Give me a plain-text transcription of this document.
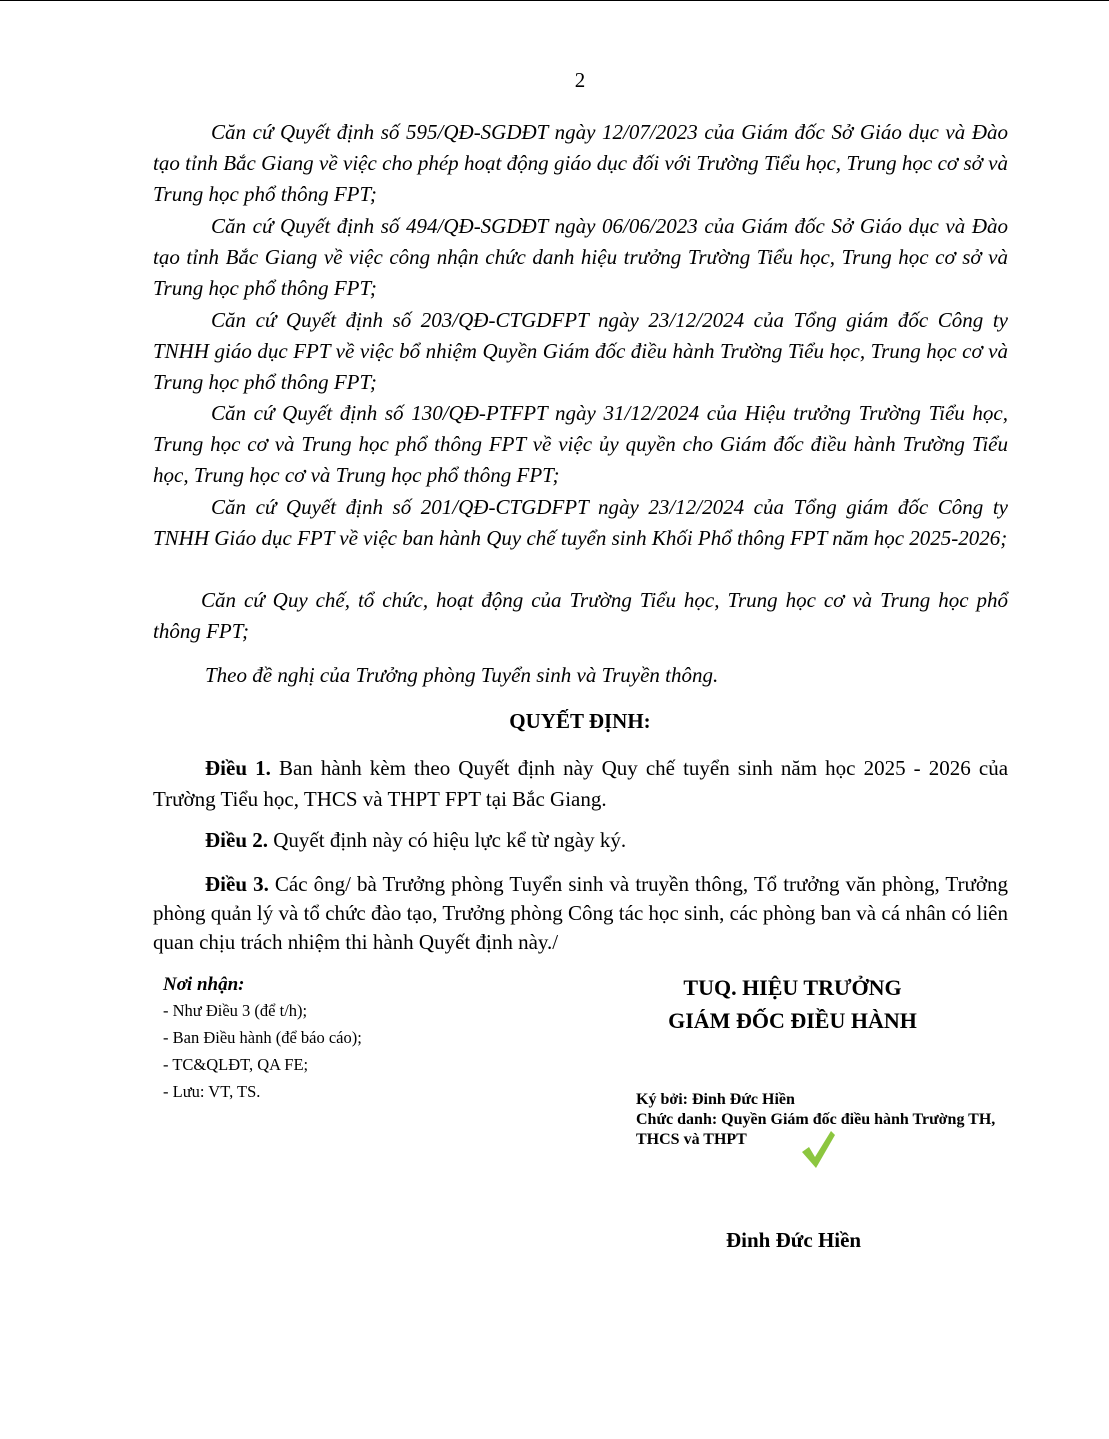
2
Căn cứ Quyết định số 595/QĐ-SGDĐT ngày 12/07/2023 của Giám đốc Sở Giáo dục và Đào tạo tỉnh Bắc Giang về việc cho phép hoạt động giáo dục đối với Trường Tiểu học, Trung học cơ sở và Trung học phổ thông FPT;
Căn cứ Quyết định số 494/QĐ-SGDĐT ngày 06/06/2023 của Giám đốc Sở Giáo dục và Đào tạo tỉnh Bắc Giang về việc công nhận chức danh hiệu trưởng Trường Tiểu học, Trung học cơ sở và Trung học phổ thông FPT;
Căn cứ Quyết định số 203/QĐ-CTGDFPT ngày 23/12/2024 của Tổng giám đốc Công ty TNHH giáo dục FPT về việc bổ nhiệm Quyền Giám đốc điều hành Trường Tiểu học, Trung học cơ và Trung học phổ thông FPT;
Căn cứ Quyết định số 130/QĐ-PTFPT ngày 31/12/2024 của Hiệu trưởng Trường Tiểu học, Trung học cơ và Trung học phổ thông FPT về việc ủy quyền cho Giám đốc điều hành Trường Tiểu học, Trung học cơ và Trung học phổ thông FPT;
Căn cứ Quyết định số 201/QĐ-CTGDFPT ngày 23/12/2024 của Tổng giám đốc Công ty TNHH Giáo dục FPT về việc ban hành Quy chế tuyển sinh Khối Phổ thông FPT năm học 2025-2026;
Căn cứ Quy chế, tổ chức, hoạt động của Trường Tiểu học, Trung học cơ và Trung học phổ thông FPT;
Theo đề nghị của Trưởng phòng Tuyển sinh và Truyền thông.
QUYẾT ĐỊNH:
Điều 1. Ban hành kèm theo Quyết định này Quy chế tuyển sinh năm học 2025 - 2026 của Trường Tiểu học, THCS và THPT FPT tại Bắc Giang.
Điều 2. Quyết định này có hiệu lực kể từ ngày ký.
Điều 3. Các ông/ bà Trưởng phòng Tuyển sinh và truyền thông, Tổ trưởng văn phòng, Trưởng phòng quản lý và tổ chức đào tạo, Trưởng phòng Công tác học sinh, các phòng ban và cá nhân có liên quan chịu trách nhiệm thi hành Quyết định này./
Nơi nhận:
- Như Điều 3 (để t/h);
- Ban Điều hành (để báo cáo);
- TC&QLĐT, QA FE;
- Lưu: VT, TS.
TUQ. HIỆU TRƯỞNG
GIÁM ĐỐC ĐIỀU HÀNH
Ký bởi: Đinh Đức Hiền
Chức danh: Quyền Giám đốc điều hành Trường TH, THCS và THPT
Đinh Đức Hiền
